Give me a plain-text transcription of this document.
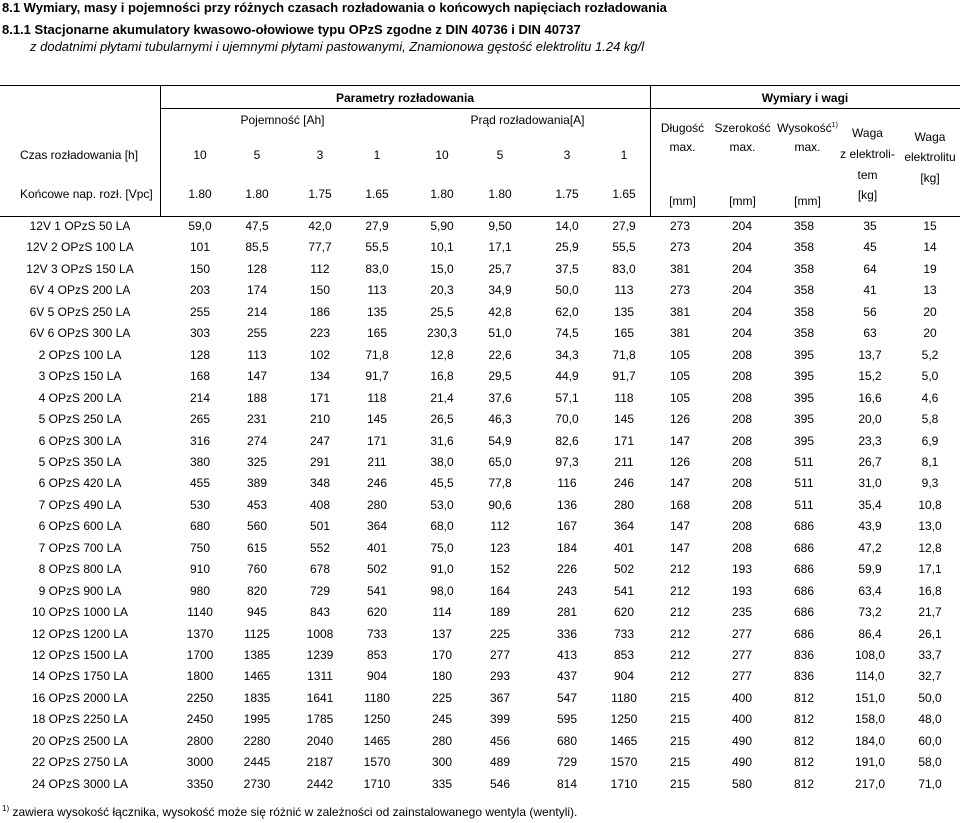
8.1 Wymiary, masy i pojemności przy różnych czasach rozładowania o końcowych napięciach rozładowania
8.1.1 Stacjonarne akumulatory kwasowo-ołowiowe typu OPzS zgodne z DIN 40736 i DIN 40737
z dodatnimi płytami tubularnymi i ujemnymi płytami pastowanymi, Znamionowa gęstość elektrolitu 1.24 kg/l
Parametry rozładowania	Wymiary i wagi
Pojemność [Ah]	Prąd rozładowania[A]
Czas rozładowania [h]	10	5	3	1	10	5	3	1
Końcowe nap. rozł. [Vpc]	1.80	1.80	1.75	1.65	1.80	1.80	1.75	1.65
Długość
max.
[mm]
Szerokość
max.
[mm]
Wysokość$^{1)}$
max.
[mm]
Waga
z elektroli-
tem
[kg]
Waga
elektrolitu
[kg]
12V 1 OPzS 50 LA	59,0	47,5	42,0	27,9	5,90	9,50	14,0	27,9	273	204	358	35	15
12V 2 OPzS 100 LA	101	85,5	77,7	55,5	10,1	17,1	25,9	55,5	273	204	358	45	14
12V 3 OPzS 150 LA	150	128	112	83,0	15,0	25,7	37,5	83,0	381	204	358	64	19
6V 4 OPzS 200 LA	203	174	150	113	20,3	34,9	50,0	113	273	204	358	41	13
6V 5 OPzS 250 LA	255	214	186	135	25,5	42,8	62,0	135	381	204	358	56	20
6V 6 OPzS 300 LA	303	255	223	165	230,3	51,0	74,5	165	381	204	358	63	20
2 OPzS 100 LA	128	113	102	71,8	12,8	22,6	34,3	71,8	105	208	395	13,7	5,2
3 OPzS 150 LA	168	147	134	91,7	16,8	29,5	44,9	91,7	105	208	395	15,2	5,0
4 OPzS 200 LA	214	188	171	118	21,4	37,6	57,1	118	105	208	395	16,6	4,6
5 OPzS 250 LA	265	231	210	145	26,5	46,3	70,0	145	126	208	395	20,0	5,8
6 OPzS 300 LA	316	274	247	171	31,6	54,9	82,6	171	147	208	395	23,3	6,9
5 OPzS 350 LA	380	325	291	211	38,0	65,0	97,3	211	126	208	511	26,7	8,1
6 OPzS 420 LA	455	389	348	246	45,5	77,8	116	246	147	208	511	31,0	9,3
7 OPzS 490 LA	530	453	408	280	53,0	90,6	136	280	168	208	511	35,4	10,8
6 OPzS 600 LA	680	560	501	364	68,0	112	167	364	147	208	686	43,9	13,0
7 OPzS 700 LA	750	615	552	401	75,0	123	184	401	147	208	686	47,2	12,8
8 OPzS 800 LA	910	760	678	502	91,0	152	226	502	212	193	686	59,9	17,1
9 OPzS 900 LA	980	820	729	541	98,0	164	243	541	212	193	686	63,4	16,8
10 OPzS 1000 LA	1140	945	843	620	114	189	281	620	212	235	686	73,2	21,7
12 OPzS 1200 LA	1370	1125	1008	733	137	225	336	733	212	277	686	86,4	26,1
12 OPzS 1500 LA	1700	1385	1239	853	170	277	413	853	212	277	836	108,0	33,7
14 OPzS 1750 LA	1800	1465	1311	904	180	293	437	904	212	277	836	114,0	32,7
16 OPzS 2000 LA	2250	1835	1641	1180	225	367	547	1180	215	400	812	151,0	50,0
18 OPzS 2250 LA	2450	1995	1785	1250	245	399	595	1250	215	400	812	158,0	48,0
20 OPzS 2500 LA	2800	2280	2040	1465	280	456	680	1465	215	490	812	184,0	60,0
22 OPzS 2750 LA	3000	2445	2187	1570	300	489	729	1570	215	490	812	191,0	58,0
24 OPzS 3000 LA	3350	2730	2442	1710	335	546	814	1710	215	580	812	217,0	71,0
$^{1)}$ zawiera wysokość łącznika, wysokość może się różnić w zależności od zainstalowanego wentyla (wentyli).
